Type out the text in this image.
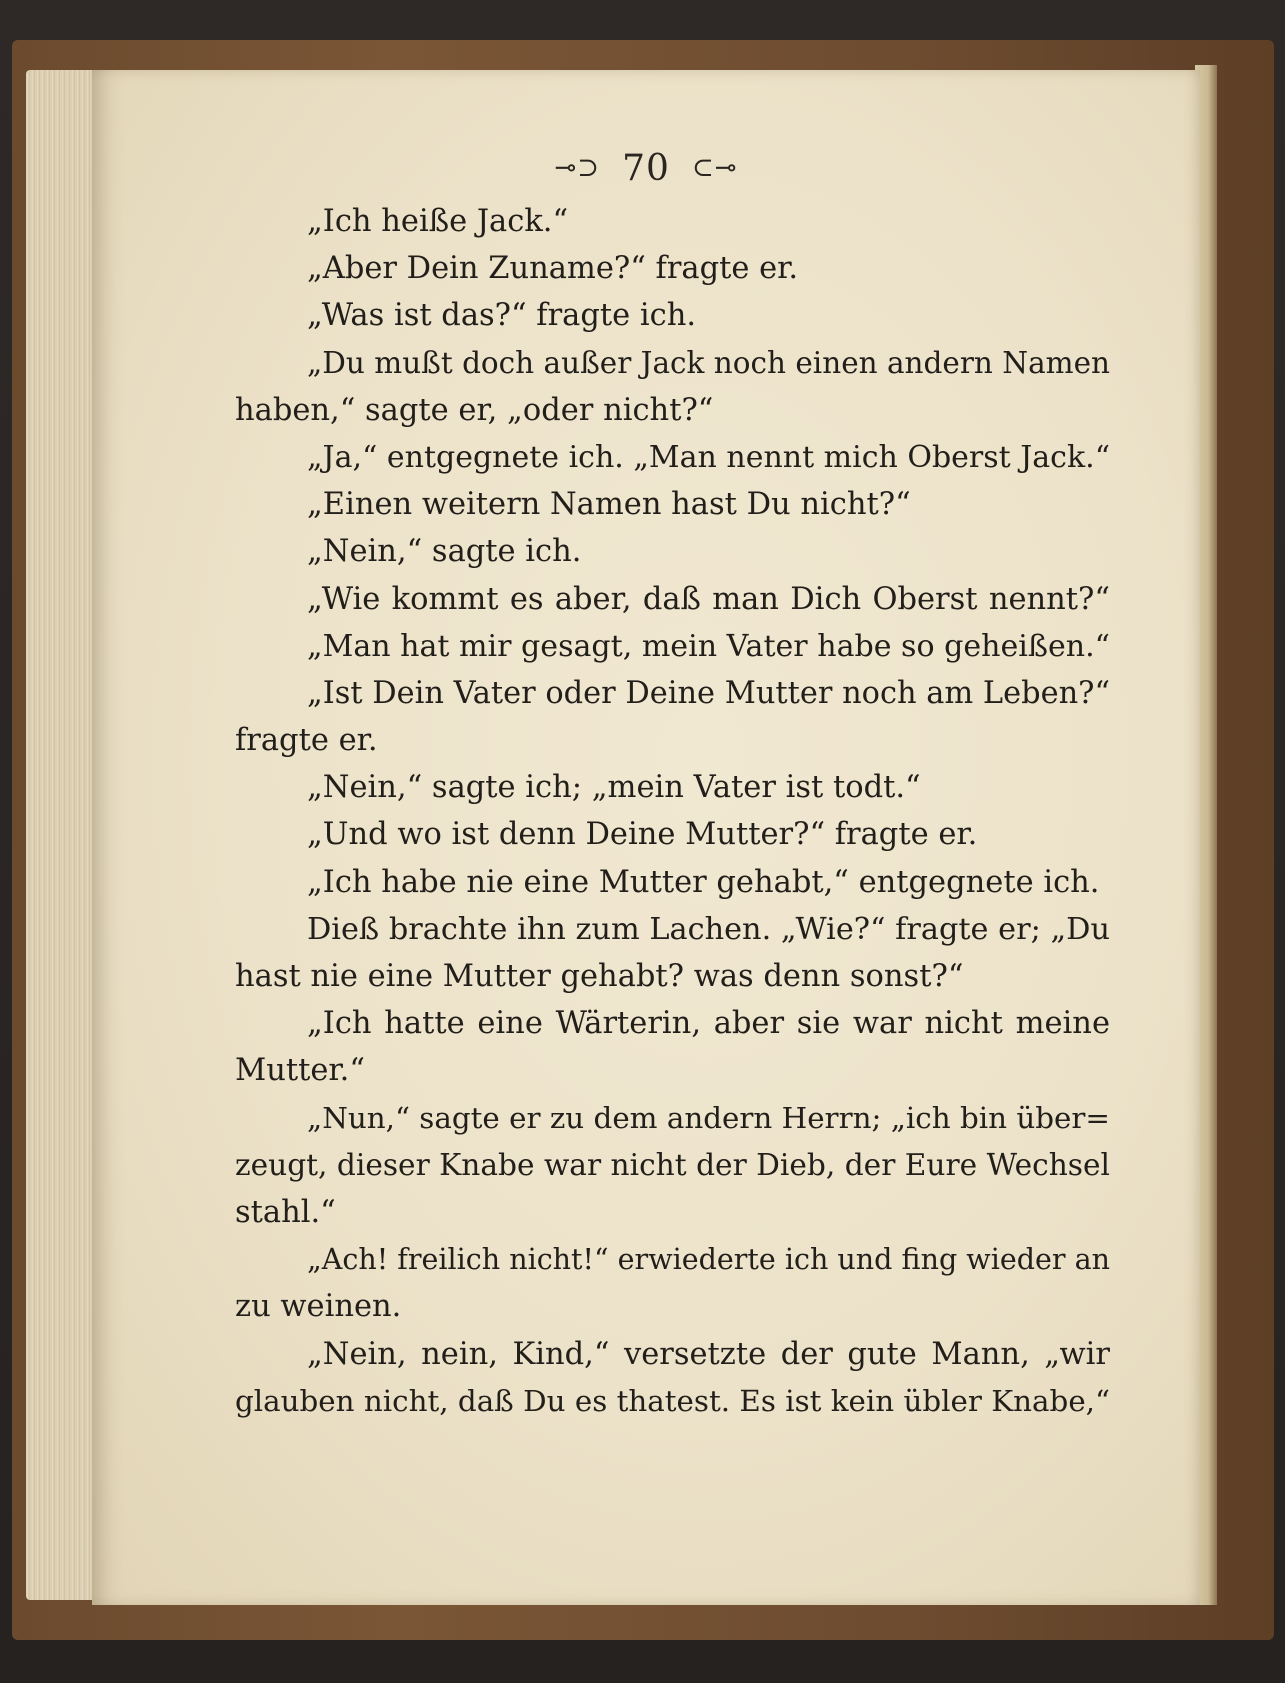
⊸⊃ 70 ⊂⊸
„Ich heiße Jack.“
„Aber Dein Zuname?“ fragte er.
„Was ist das?“ fragte ich.
„Du mußt doch außer Jack noch einen andern Namen
haben,“ sagte er, „oder nicht?“
„Ja,“ entgegnete ich. „Man nennt mich Oberst Jack.“
„Einen weitern Namen hast Du nicht?“
„Nein,“ sagte ich.
„Wie kommt es aber, daß man Dich Oberst nennt?“
„Man hat mir gesagt, mein Vater habe so geheißen.“
„Ist Dein Vater oder Deine Mutter noch am Leben?“
fragte er.
„Nein,“ sagte ich; „mein Vater ist todt.“
„Und wo ist denn Deine Mutter?“ fragte er.
„Ich habe nie eine Mutter gehabt,“ entgegnete ich.
Dieß brachte ihn zum Lachen. „Wie?“ fragte er; „Du
hast nie eine Mutter gehabt? was denn sonst?“
„Ich hatte eine Wärterin, aber sie war nicht meine
Mutter.“
„Nun,“ sagte er zu dem andern Herrn; „ich bin über=
zeugt, dieser Knabe war nicht der Dieb, der Eure Wechsel
stahl.“
„Ach! freilich nicht!“ erwiederte ich und fing wieder an
zu weinen.
„Nein, nein, Kind,“ versetzte der gute Mann, „wir
glauben nicht, daß Du es thatest. Es ist kein übler Knabe,“
